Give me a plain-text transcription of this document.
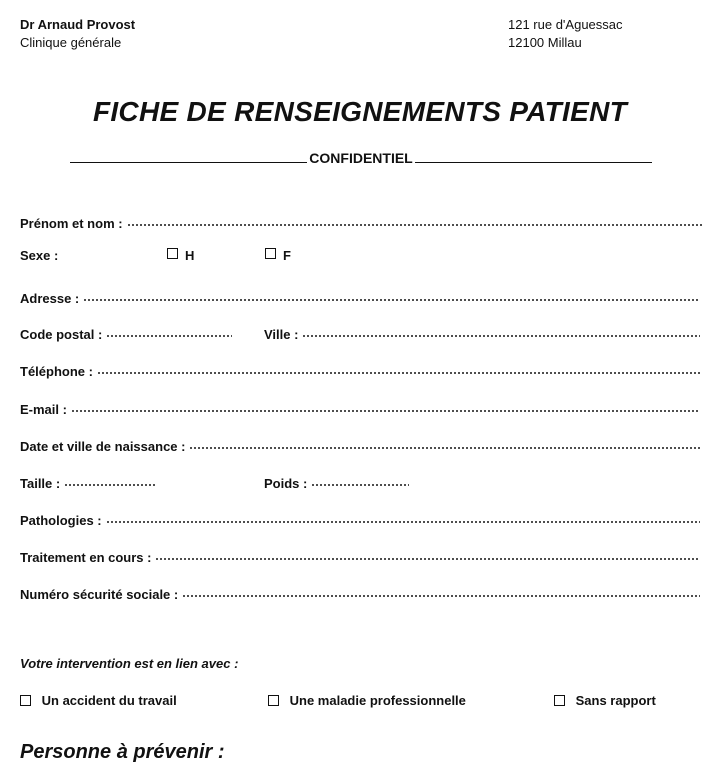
Dr Arnaud Provost
Clinique générale
121 rue d'Aguessac
12100 Millau
FICHE DE RENSEIGNEMENTS PATIENT
CONFIDENTIEL
Prénom et nom :
Sexe :	H	F
Adresse :
Code postal :	Ville :
Téléphone :
E-mail :
Date et ville de naissance :
Taille :	Poids :
Pathologies :
Traitement en cours :
Numéro sécurité sociale :
Votre intervention est en lien avec :
Un accident du travail	Une maladie professionnelle	Sans rapport
Personne à prévenir :
